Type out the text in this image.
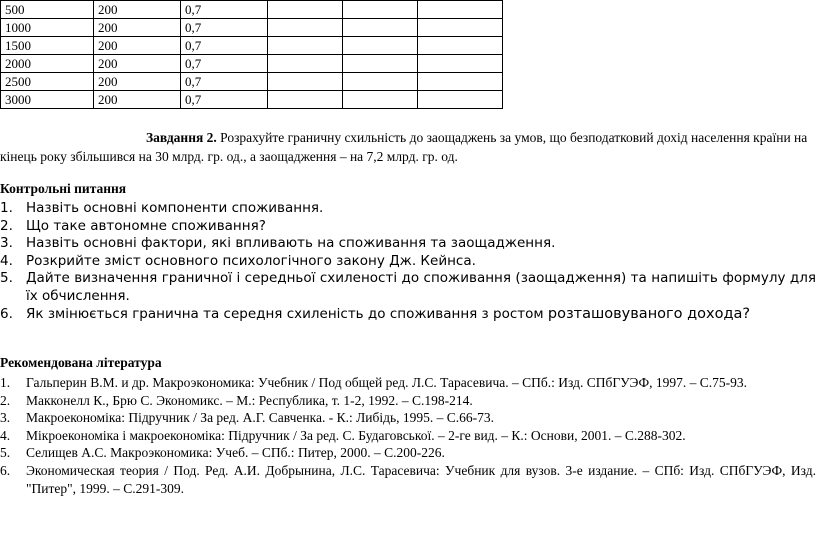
500	200	0,7			
1000	200	0,7			
1500	200	0,7			
2000	200	0,7			
2500	200	0,7			
3000	200	0,7			
Завдання 2. Розрахуйте граничну схильність до заощаджень за умов, що безподатковий дохід населення країни на
кінець року збільшився на 30 млрд. гр. од., а заощадження – на 7,2 млрд. гр. од.
Контрольні питання
1. Назвіть основні компоненти споживання.
2. Що таке автономне споживання?
3. Назвіть основні фактори, які впливають на споживання та заощадження.
4. Розкрийте зміст основного психологічного закону Дж. Кейнса.
5. Дайте визначення граничної і середньої схиленості до споживання (заощадження) та напишіть формулу для їх обчислення.
6. Як змінюється гранична та середня схиленість до споживання з ростом розташовуваного дохода?
Рекомендована література
1. Гальперин В.М. и др. Макроэкономика: Учебник / Под общей ред. Л.С. Тарасевича. – СПб.: Изд. СПбГУЭФ, 1997. – С.75-93.
2. Макконелл К., Брю С. Экономикс. – М.: Республика, т. 1-2, 1992. – С.198-214.
3. Макроекономіка: Підручник / За ред. А.Г. Савченка. - К.: Либідь, 1995. – С.66-73.
4. Мікроекономіка і макроекономіка: Підручник / За ред. С. Будаговської. – 2-ге вид. – К.: Основи, 2001. – С.288-302.
5. Селищев А.С. Макроэкономика: Учеб. – СПб.: Питер, 2000. – С.200-226.
6. Экономическая теория / Под. Ред. А.И. Добрынина, Л.С. Тарасевича: Учебник для вузов. 3-е издание. – СПб: Изд. СПбГУЭФ, Изд. "Питер", 1999. – С.291-309.
